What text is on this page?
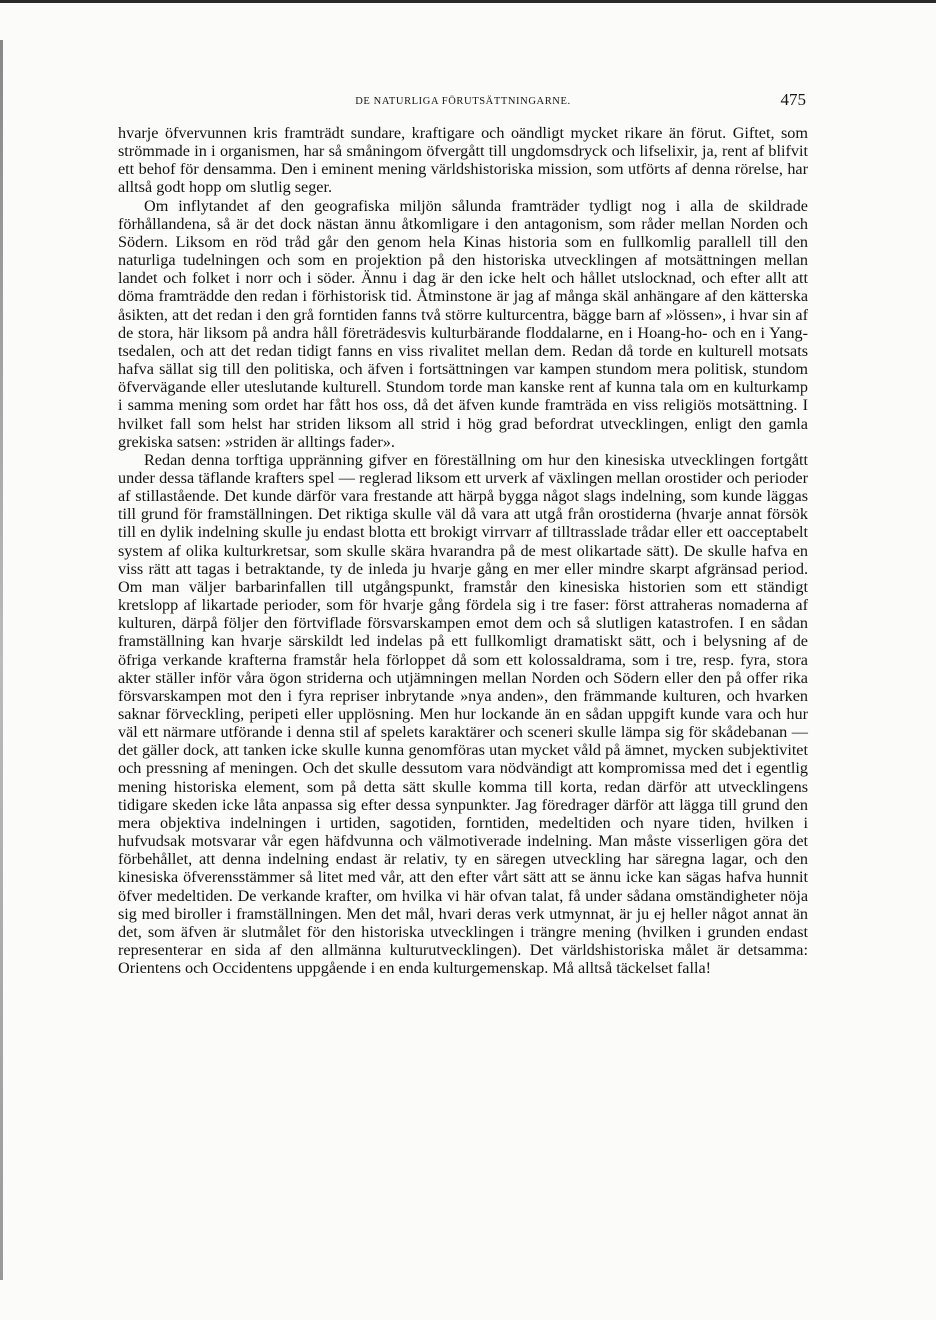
DE NATURLIGA FÖRUTSÄTTNINGARNE.	475

hvarje öfvervunnen kris framträdt sundare, kraftigare och oändligt mycket rikare än förut. Giftet, som strömmade in i organismen, har så småningom öfvergått till ungdomsdryck och lifselixir, ja, rent af blifvit ett behof för densamma. Den i eminent mening världshistoriska mission, som utförts af denna rörelse, har alltså godt hopp om slutlig seger.

Om inflytandet af den geografiska miljön sålunda framträder tydligt nog i alla de skildrade förhållandena, så är det dock nästan ännu åtkomligare i den antagonism, som råder mellan Norden och Södern. Liksom en röd tråd går den genom hela Kinas historia som en fullkomlig parallell till den naturliga tudelningen och som en projektion på den historiska utvecklingen af motsättningen mellan landet och folket i norr och i söder. Ännu i dag är den icke helt och hållet utslocknad, och efter allt att döma framträdde den redan i förhistorisk tid. Åtminstone är jag af många skäl anhängare af den kätterska åsikten, att det redan i den grå forntiden fanns två större kulturcentra, bägge barn af »lössen», i hvar sin af de stora, här liksom på andra håll företrädesvis kulturbärande floddalarne, en i Hoang-ho- och en i Yang-tsedalen, och att det redan tidigt fanns en viss rivalitet mellan dem. Redan då torde en kulturell motsats hafva sällat sig till den politiska, och äfven i fortsättningen var kampen stundom mera politisk, stundom öfvervägande eller uteslutande kulturell. Stundom torde man kanske rent af kunna tala om en kulturkamp i samma mening som ordet har fått hos oss, då det äfven kunde framträda en viss religiös motsättning. I hvilket fall som helst har striden liksom all strid i hög grad befordrat utvecklingen, enligt den gamla grekiska satsen: »striden är alltings fader».

Redan denna torftiga uppränning gifver en föreställning om hur den kinesiska utvecklingen fortgått under dessa täflande krafters spel — reglerad liksom ett urverk af växlingen mellan orostider och perioder af stillastående. Det kunde därför vara frestande att härpå bygga något slags indelning, som kunde läggas till grund för framställningen. Det riktiga skulle väl då vara att utgå från orostiderna (hvarje annat försök till en dylik indelning skulle ju endast blotta ett brokigt virrvarr af tilltrasslade trådar eller ett oacceptabelt system af olika kulturkretsar, som skulle skära hvarandra på de mest olikartade sätt). De skulle hafva en viss rätt att tagas i betraktande, ty de inleda ju hvarje gång en mer eller mindre skarpt afgränsad period. Om man väljer barbarinfallen till utgångspunkt, framstår den kinesiska historien som ett ständigt kretslopp af likartade perioder, som för hvarje gång fördela sig i tre faser: först attraheras nomaderna af kulturen, därpå följer den förtviflade försvarskampen emot dem och så slutligen katastrofen. I en sådan framställning kan hvarje särskildt led indelas på ett fullkomligt dramatiskt sätt, och i belysning af de öfriga verkande krafterna framstår hela förloppet då som ett kolossaldrama, som i tre, resp. fyra, stora akter ställer inför våra ögon striderna och utjämningen mellan Norden och Södern eller den på offer rika försvarskampen mot den i fyra repriser inbrytande »nya anden», den främmande kulturen, och hvarken saknar förveckling, peripeti eller upplösning. Men hur lockande än en sådan uppgift kunde vara och hur väl ett närmare utförande i denna stil af spelets karaktärer och sceneri skulle lämpa sig för skådebanan — det gäller dock, att tanken icke skulle kunna genomföras utan mycket våld på ämnet, mycken subjektivitet och pressning af meningen. Och det skulle dessutom vara nödvändigt att kompromissa med det i egentlig mening historiska element, som på detta sätt skulle komma till korta, redan därför att utvecklingens tidigare skeden icke låta anpassa sig efter dessa synpunkter. Jag föredrager därför att lägga till grund den mera objektiva indelningen i urtiden, sagotiden, forntiden, medeltiden och nyare tiden, hvilken i hufvudsak motsvarar vår egen häfdvunna och välmotiverade indelning. Man måste visserligen göra det förbehållet, att denna indelning endast är relativ, ty en säregen utveckling har säregna lagar, och den kinesiska öfverensstämmer så litet med vår, att den efter vårt sätt att se ännu icke kan sägas hafva hunnit öfver medeltiden. De verkande krafter, om hvilka vi här ofvan talat, få under sådana omständigheter nöja sig med biroller i framställningen. Men det mål, hvari deras verk utmynnat, är ju ej heller något annat än det, som äfven är slutmålet för den historiska utvecklingen i trängre mening (hvilken i grunden endast representerar en sida af den allmänna kulturutvecklingen). Det världshistoriska målet är detsamma: Orientens och Occidentens uppgående i en enda kulturgemenskap. Må alltså täckelset falla!
